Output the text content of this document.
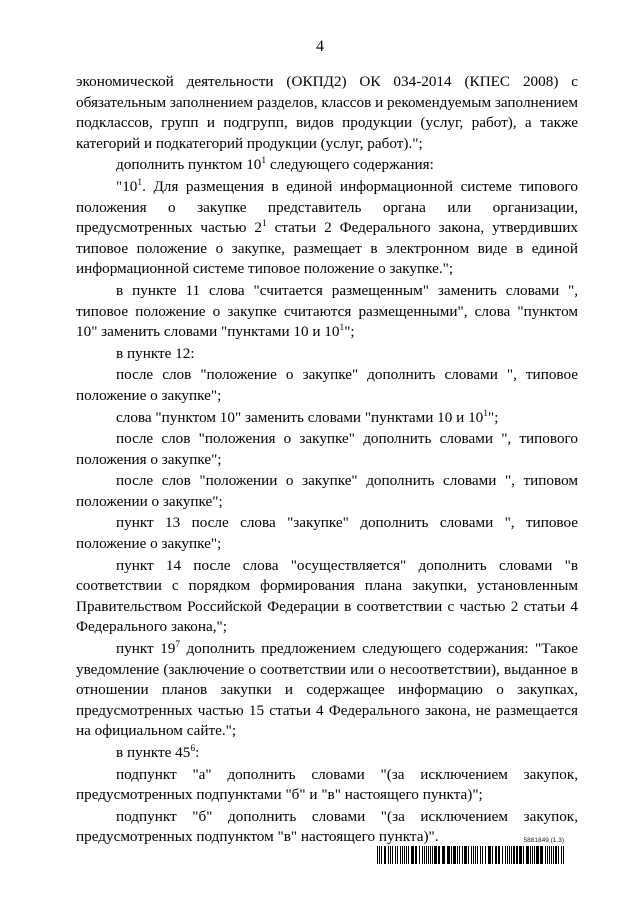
4

экономической деятельности (ОКПД2) ОК 034-2014 (КПЕС 2008) с обязательным заполнением разделов, классов и рекомендуемым заполнением подклассов, групп и подгрупп, видов продукции (услуг, работ), а также категорий и подкатегорий продукции (услуг, работ).";

дополнить пунктом $10^1$ следующего содержания:

"$10^1$. Для размещения в единой информационной системе типового положения о закупке представитель органа или организации, предусмотренных частью $2^1$ статьи 2 Федерального закона, утвердивших типовое положение о закупке, размещает в электронном виде в единой информационной системе типовое положение о закупке.";

в пункте 11 слова "считается размещенным" заменить словами ", типовое положение о закупке считаются размещенными", слова "пунктом 10" заменить словами "пунктами 10 и $10^1$";

в пункте 12:

после слов "положение о закупке" дополнить словами ", типовое положение о закупке";

слова "пунктом 10" заменить словами "пунктами 10 и $10^1$";

после слов "положения о закупке" дополнить словами ", типового положения о закупке";

после слов "положении о закупке" дополнить словами ", типовом положении о закупке";

пункт 13 после слова "закупке" дополнить словами ", типовое положение о закупке";

пункт 14 после слова "осуществляется" дополнить словами "в соответствии с порядком формирования плана закупки, установленным Правительством Российской Федерации в соответствии с частью 2 статьи 4 Федерального закона,";

пункт $19^7$ дополнить предложением следующего содержания: "Такое уведомление (заключение о соответствии или о несоответствии), выданное в отношении планов закупки и содержащее информацию о закупках, предусмотренных частью 15 статьи 4 Федерального закона, не размещается на официальном сайте.";

в пункте $45^6$:

подпункт "а" дополнить словами "(за исключением закупок, предусмотренных подпунктами "б" и "в" настоящего пункта)";

подпункт "б" дополнить словами "(за исключением закупок, предусмотренных подпунктом "в" настоящего пункта)".	5881849 (1.3)
